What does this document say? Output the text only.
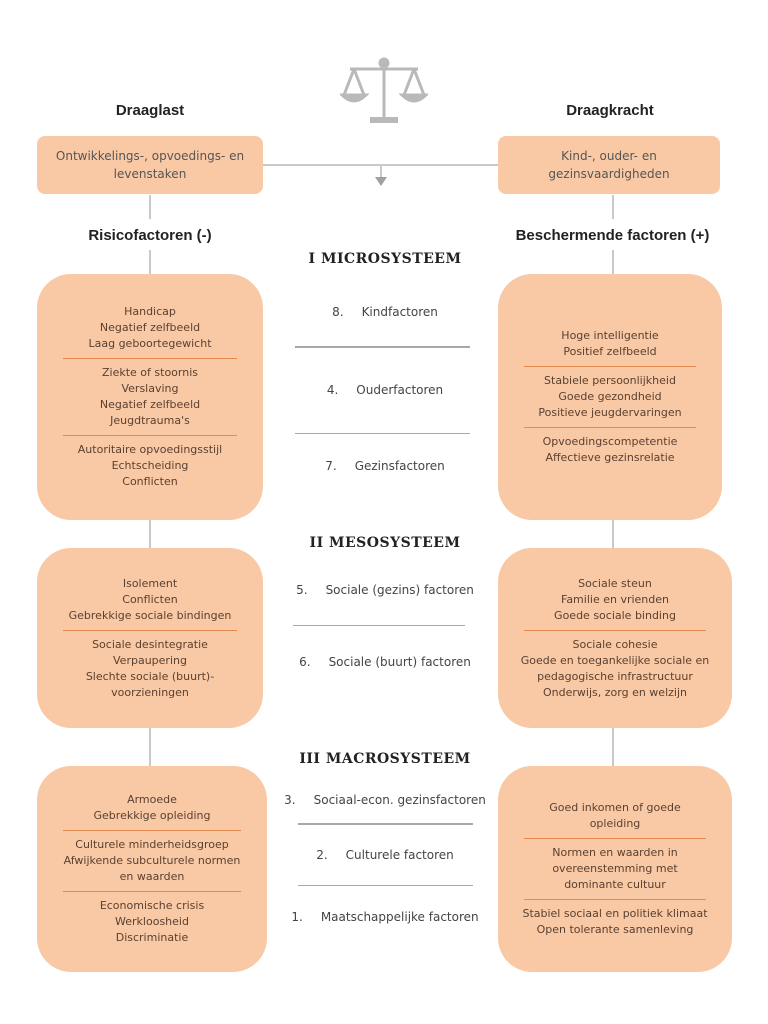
Draaglast	Draagkracht
Ontwikkelings-, opvoedings- en levenstaken
Kind-, ouder- en gezinsvaardigheden
Risicofactoren (-)	Beschermende factoren (+)
I MICROSYSTEEM
8. Kindfactoren
4. Ouderfactoren
7. Gezinsfactoren
Handicap
Negatief zelfbeeld
Laag geboortegewicht
Ziekte of stoornis
Verslaving
Negatief zelfbeeld
Jeugdtrauma's
Autoritaire opvoedingsstijl
Echtscheiding
Conflicten
Hoge intelligentie
Positief zelfbeeld
Stabiele persoonlijkheid
Goede gezondheid
Positieve jeugdervaringen
Opvoedingscompetentie
Affectieve gezinsrelatie
II MESOSYSTEEM
5. Sociale (gezins) factoren
6. Sociale (buurt) factoren
Isolement
Conflicten
Gebrekkige sociale bindingen
Sociale desintegratie
Verpaupering
Slechte sociale (buurt)-
voorzieningen
Sociale steun
Familie en vrienden
Goede sociale binding
Sociale cohesie
Goede en toegankelijke sociale en
pedagogische infrastructuur
Onderwijs, zorg en welzijn
III MACROSYSTEEM
3. Sociaal-econ. gezinsfactoren
2. Culturele factoren
1. Maatschappelijke factoren
Armoede
Gebrekkige opleiding
Culturele minderheidsgroep
Afwijkende subculturele normen
en waarden
Economische crisis
Werkloosheid
Discriminatie
Goed inkomen of goede
opleiding
Normen en waarden in
overeenstemming met
dominante cultuur
Stabiel sociaal en politiek klimaat
Open tolerante samenleving
